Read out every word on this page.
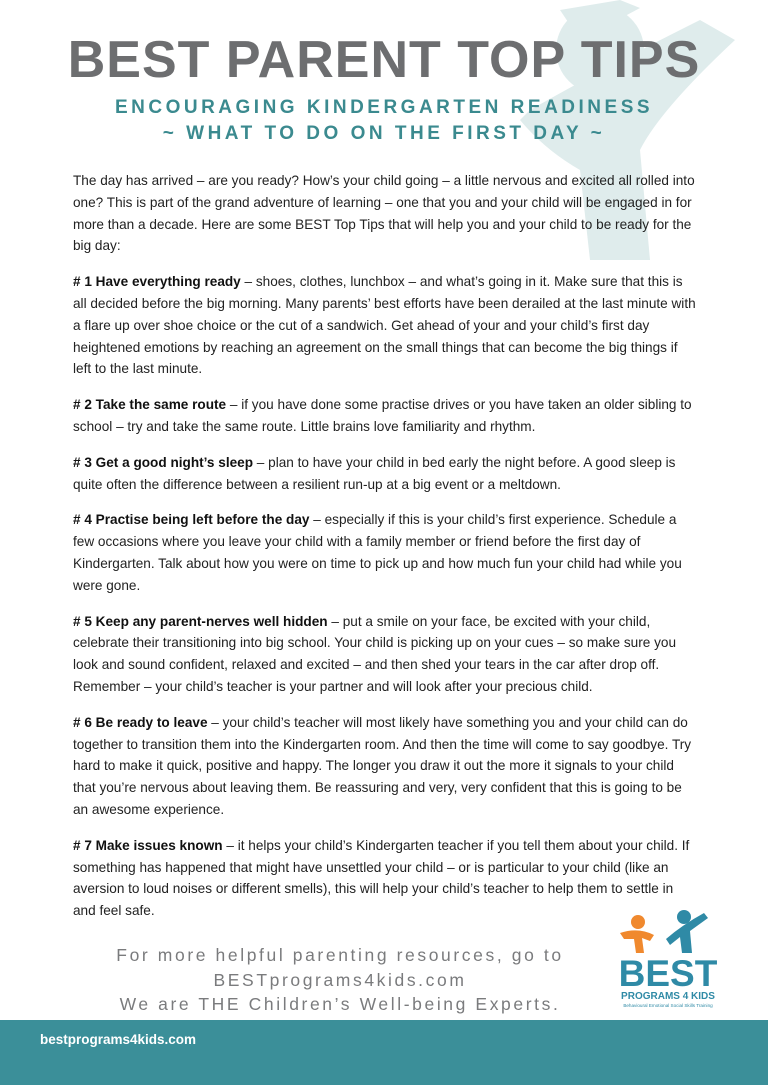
BEST PARENT TOP TIPS
ENCOURAGING KINDERGARTEN READINESS
~ WHAT TO DO ON THE FIRST DAY ~

The day has arrived – are you ready? How’s your child going – a little nervous and excited all rolled into one? This is part of the grand adventure of learning – one that you and your child will be engaged in for more than a decade. Here are some BEST Top Tips that will help you and your child to be ready for the big day:

# 1 Have everything ready – shoes, clothes, lunchbox – and what’s going in it. Make sure that this is all decided before the big morning. Many parents’ best efforts have been derailed at the last minute with a flare up over shoe choice or the cut of a sandwich. Get ahead of your and your child’s first day heightened emotions by reaching an agreement on the small things that can become the big things if left to the last minute.

# 2 Take the same route – if you have done some practise drives or you have taken an older sibling to school – try and take the same route. Little brains love familiarity and rhythm.

# 3 Get a good night’s sleep – plan to have your child in bed early the night before. A good sleep is quite often the difference between a resilient run-up at a big event or a meltdown.

# 4 Practise being left before the day – especially if this is your child’s first experience. Schedule a few occasions where you leave your child with a family member or friend before the first day of Kindergarten. Talk about how you were on time to pick up and how much fun your child had while you were gone.

# 5 Keep any parent-nerves well hidden – put a smile on your face, be excited with your child, celebrate their transitioning into big school. Your child is picking up on your cues – so make sure you look and sound confident, relaxed and excited – and then shed your tears in the car after drop off. Remember – your child’s teacher is your partner and will look after your precious child.

# 6 Be ready to leave – your child’s teacher will most likely have something you and your child can do together to transition them into the Kindergarten room. And then the time will come to say goodbye. Try hard to make it quick, positive and happy. The longer you draw it out the more it signals to your child that you’re nervous about leaving them. Be reassuring and very, very confident that this is going to be an awesome experience.

# 7 Make issues known – it helps your child’s Kindergarten teacher if you tell them about your child. If something has happened that might have unsettled your child – or is particular to your child (like an aversion to loud noises or different smells), this will help your child’s teacher to help them to settle in and feel safe.

For more helpful parenting resources, go to
BESTprograms4kids.com
We are THE Children’s Well-being Experts.
BEST
PROGRAMS 4 KIDS
Behavioural Emotional Social Skills Training
bestprograms4kids.com
